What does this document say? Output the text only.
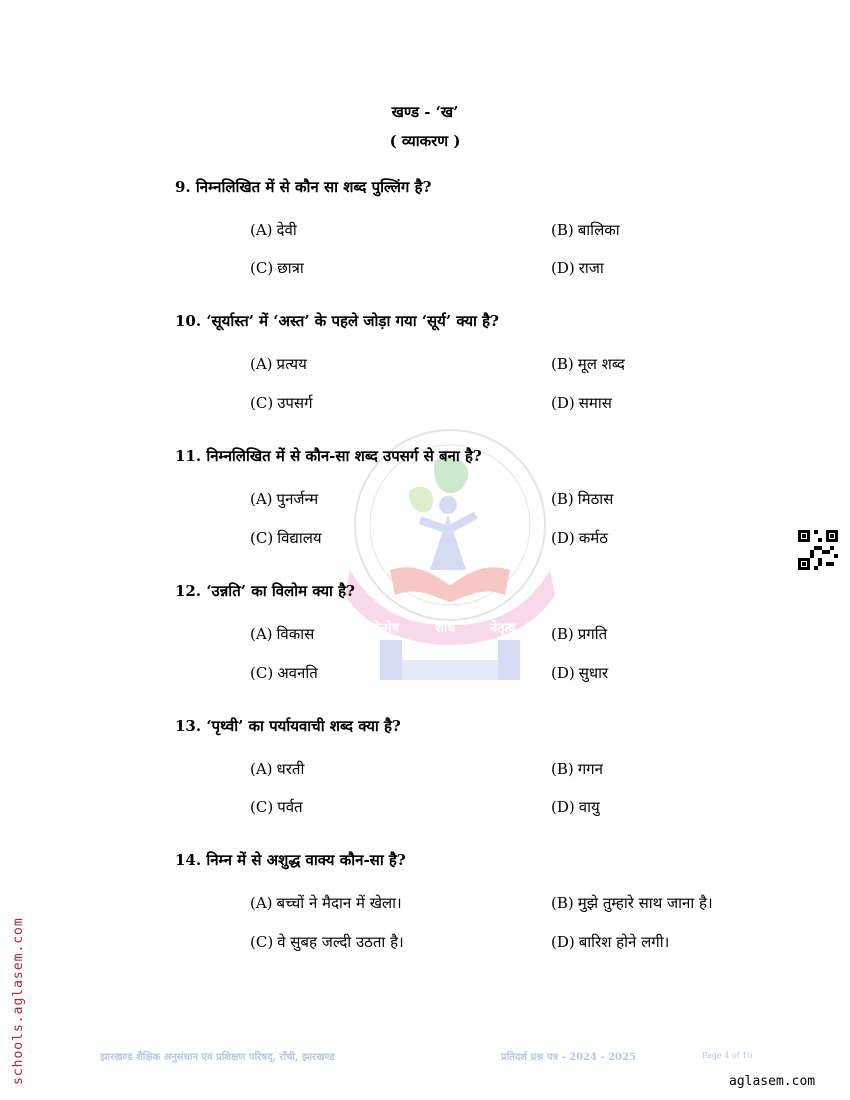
नवोन्मेष	शोध	नेतृत्व
खण्ड - ‘ख’
( व्याकरण )
9. निम्नलिखित में से कौन सा शब्द पुल्लिंग है?
(A) देवी	(B) बालिका
(C) छात्रा	(D) राजा
10. ‘सूर्यास्त’ में ‘अस्त’ के पहले जोड़ा गया ‘सूर्य’ क्या है?
(A) प्रत्यय	(B) मूल शब्द
(C) उपसर्ग	(D) समास
11. निम्नलिखित में से कौन-सा शब्द उपसर्ग से बना है?
(A) पुनर्जन्म	(B) मिठास
(C) विद्यालय	(D) कर्मठ
12. ‘उन्नति’ का विलोम क्या है?
(A) विकास	(B) प्रगति
(C) अवनति	(D) सुधार
13. ‘पृथ्वी’ का पर्यायवाची शब्द क्या है?
(A) धरती	(B) गगन
(C) पर्वत	(D) वायु
14. निम्न में से अशुद्ध वाक्य कौन-सा है?
(A) बच्चों ने मैदान में खेला।	(B) मुझे तुम्हारे साथ जाना है।
(C) वे सुबह जल्दी उठता है।	(D) बारिश होने लगी।
झारखण्ड शैक्षिक अनुसंधान एवं प्रशिक्षण परिषद्, राँची, झारखण्ड	प्रतिदर्श प्रश्न पत्र - 2024 - 2025	Page 4 of 10
schools.aglasem.com	aglasem.com
